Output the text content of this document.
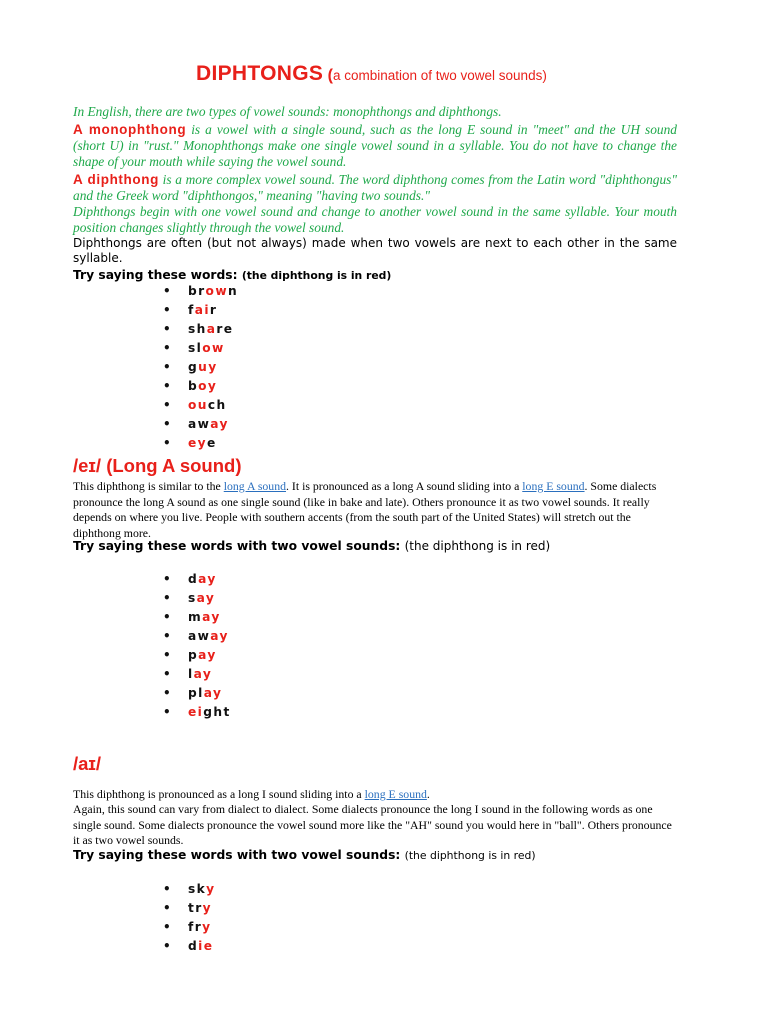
DIPHTONGS (a combination of two vowel sounds)
In English, there are two types of vowel sounds: monophthongs and diphthongs.
A monophthong is a vowel with a single sound, such as the long E sound in "meet" and the UH sound (short U) in "rust." Monophthongs make one single vowel sound in a syllable. You do not have to change the shape of your mouth while saying the vowel sound.
A diphthong is a more complex vowel sound. The word diphthong comes from the Latin word "diphthongus" and the Greek word "diphthongos," meaning "having two sounds."
Diphthongs begin with one vowel sound and change to another vowel sound in the same syllable. Your mouth position changes slightly through the vowel sound.
Diphthongs are often (but not always) made when two vowels are next to each other in the same syllable.
Try saying these words: (the diphthong is in red)
• brown
• fair
• share
• slow
• guy
• boy
• ouch
• away
• eye
/eɪ/ (Long A sound)
This diphthong is similar to the long A sound. It is pronounced as a long A sound sliding into a long E sound. Some dialects pronounce the long A sound as one single sound (like in bake and late). Others pronounce it as two vowel sounds. It really depends on where you live. People with southern accents (from the south part of the United States) will stretch out the diphthong more.
Try saying these words with two vowel sounds: (the diphthong is in red)
• day
• say
• may
• away
• pay
• lay
• play
• eight
/aɪ/
This diphthong is pronounced as a long I sound sliding into a long E sound.
Again, this sound can vary from dialect to dialect. Some dialects pronounce the long I sound in the following words as one single sound. Some dialects pronounce the vowel sound more like the "AH" sound you would here in "ball". Others pronounce it as two vowel sounds.
Try saying these words with two vowel sounds: (the diphthong is in red)
• sky
• try
• fry
• die
